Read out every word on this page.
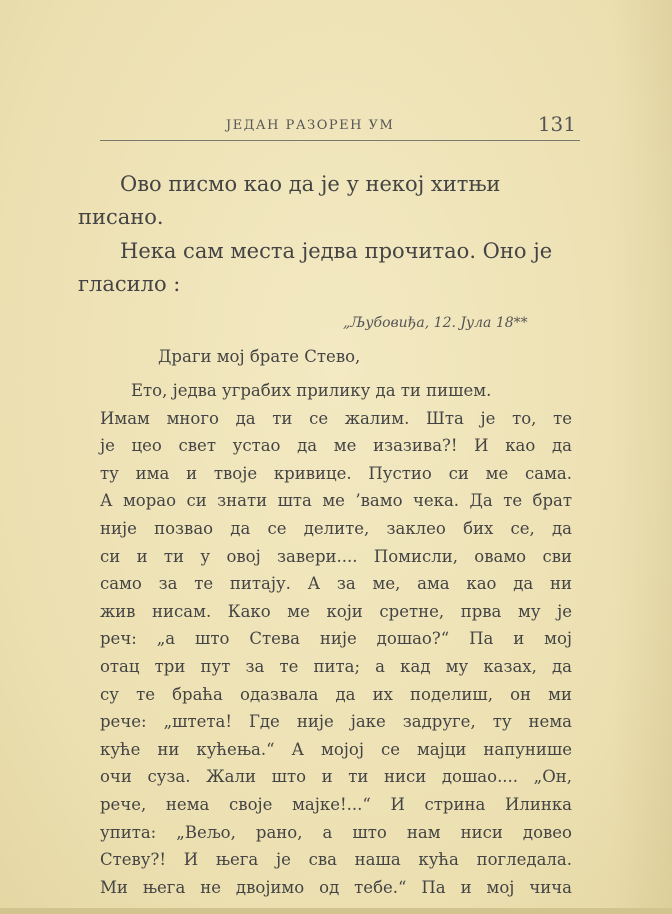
ЈЕДАН РАЗОРЕН УМ	131

Ово писмо као да је у некој хитњи писано.

Нека сам места једва прочитао. Оно је гласило :

„Љубовиђа, 12. Јула 18**
Драги мој брате Стево,
Ето, једва уграбих прилику да ти пишем.
Имам много да ти се жалим. Шта је то, те
је цео свет устао да ме изазива?! И као да
ту има и твоје кривице. Пустио си ме сама.
А морао си знати шта ме ’вамо чека. Да те брат
није позвао да се делите, заклео бих се, да
си и ти у овој завери.... Помисли, овамо сви
само за те питају. А за ме, ама као да ни
жив нисам. Како ме који сретне, прва му је
реч: „а што Стева није дошао?“ Па и мој
отац три пут за те пита; а кад му казах, да
су те браћа одазвала да их поделиш, он ми
рече: „штета! Где није јаке задруге, ту нема
куће ни кућења.“ А мојој се мајци напунише
очи суза. Жали што и ти ниси дошао.... „Он,
рече, нема своје мајке!...“ И стрина Илинка
упита: „Вељо, рано, а што нам ниси довео
Стеву?! И њега је сва наша кућа погледала.
Ми њега не двојимо од тебе.“ Па и мој чича
